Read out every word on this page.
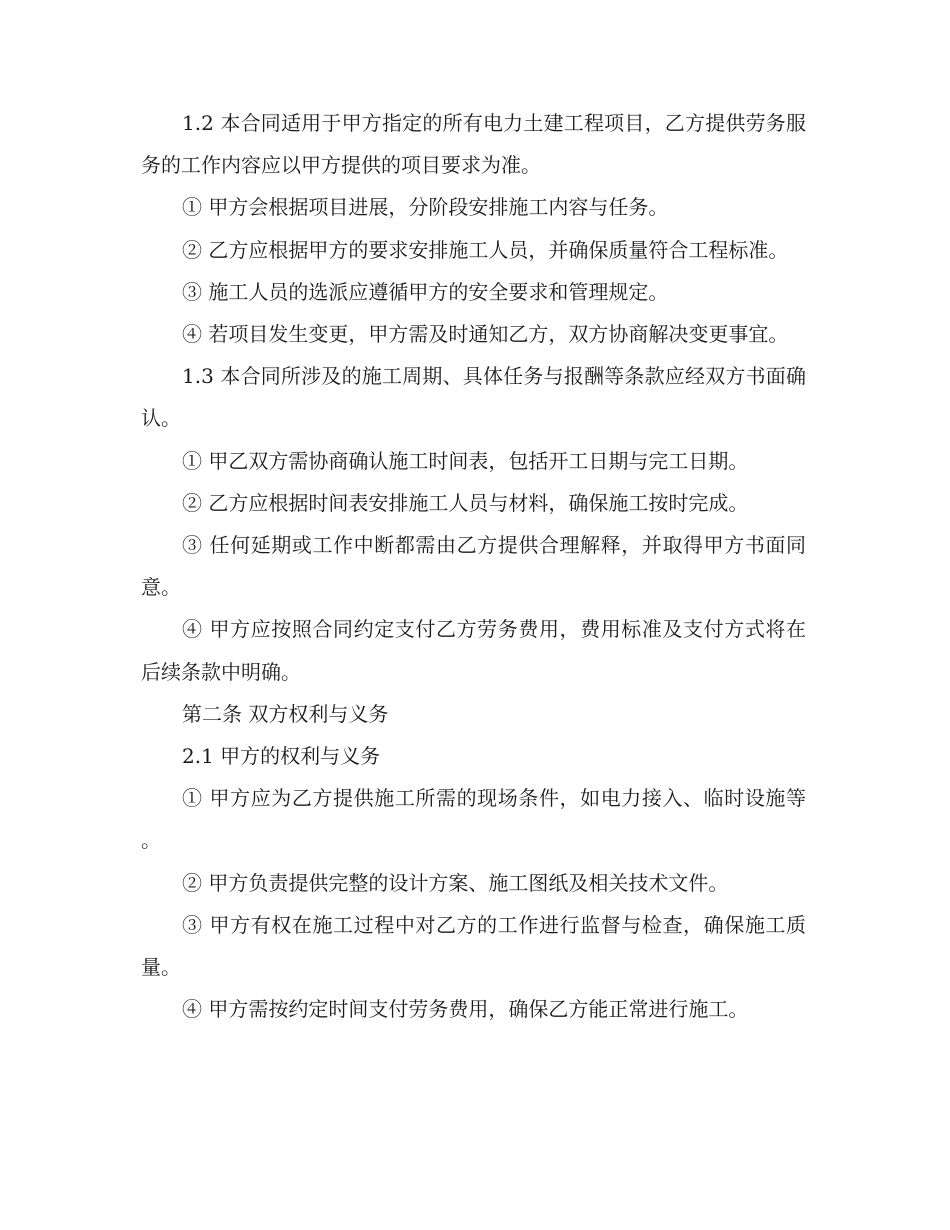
1.2 本合同适用于甲方指定的所有电力土建工程项目，乙方提供劳务服务的工作内容应以甲方提供的项目要求为准。

① 甲方会根据项目进展，分阶段安排施工内容与任务。

② 乙方应根据甲方的要求安排施工人员，并确保质量符合工程标准。

③ 施工人员的选派应遵循甲方的安全要求和管理规定。

④ 若项目发生变更，甲方需及时通知乙方，双方协商解决变更事宜。

1.3 本合同所涉及的施工周期、具体任务与报酬等条款应经双方书面确认。

① 甲乙双方需协商确认施工时间表，包括开工日期与完工日期。

② 乙方应根据时间表安排施工人员与材料，确保施工按时完成。

③ 任何延期或工作中断都需由乙方提供合理解释，并取得甲方书面同意。

④ 甲方应按照合同约定支付乙方劳务费用，费用标准及支付方式将在后续条款中明确。

第二条 双方权利与义务

2.1 甲方的权利与义务

① 甲方应为乙方提供施工所需的现场条件，如电力接入、临时设施等。

② 甲方负责提供完整的设计方案、施工图纸及相关技术文件。

③ 甲方有权在施工过程中对乙方的工作进行监督与检查，确保施工质量。

④ 甲方需按约定时间支付劳务费用，确保乙方能正常进行施工。
